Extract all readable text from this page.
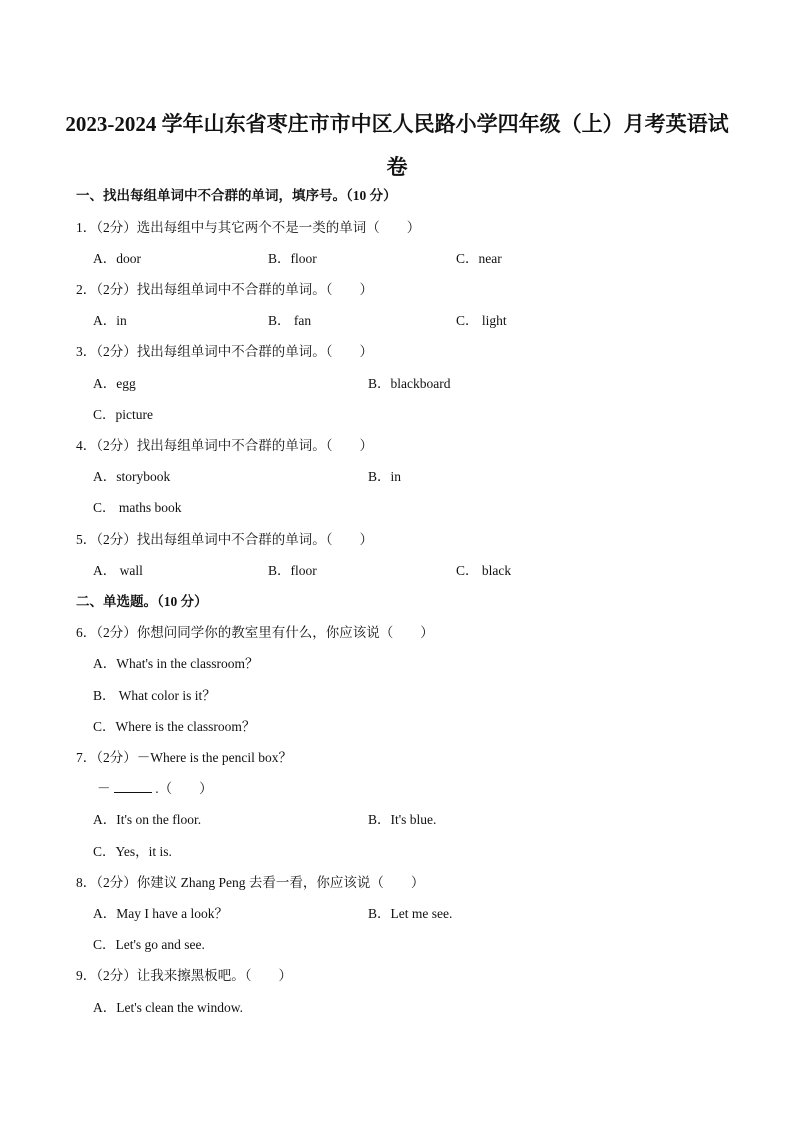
2023-2024 学年山东省枣庄市市中区人民路小学四年级（上）月考英语试
卷
一、找出每组单词中不合群的单词，填序号。（10 分）
1．（2分）选出每组中与其它两个不是一类的单词（　　）
A．door	B．floor	C．near
2．（2分）找出每组单词中不合群的单词。（　　）
A．in	B． fan	C． light
3．（2分）找出每组单词中不合群的单词。（　　）
A．egg	B．blackboard
C．picture
4．（2分）找出每组单词中不合群的单词。（　　）
A．storybook	B．in
C． maths book
5．（2分）找出每组单词中不合群的单词。（　　）
A． wall	B．floor	C． black
二、单选题。（10 分）
6．（2分）你想问同学你的教室里有什么，你应该说（　　）
A．What's in the classroom？
B． What color is it？
C．Where is the classroom？
7．（2分）－Where is the pencil box？
－	.（　　）
A．It's on the floor.	B．It's blue.
C．Yes，it is.
8．（2分）你建议 Zhang Peng 去看一看，你应该说（　　）
A．May I have a look？	B．Let me see.
C．Let's go and see.
9．（2分）让我来擦黑板吧。（　　）
A．Let's clean the window.
